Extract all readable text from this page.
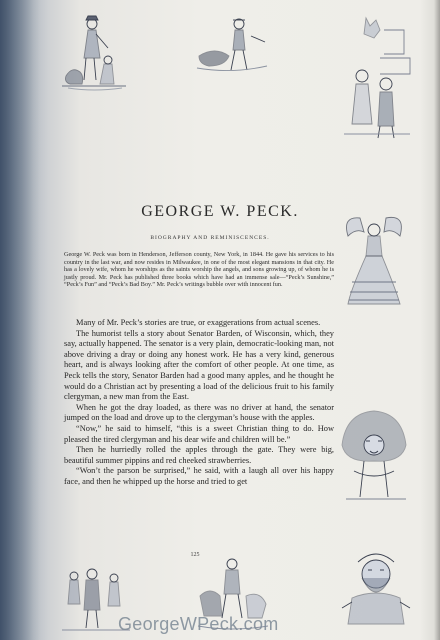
GEORGE W. PECK.
BIOGRAPHY AND REMINISCENCES.

George W. Peck was born in Henderson, Jefferson county, New York, in 1844. He gave his services to his country in the last war, and now resides in Milwaukee, in one of the most elegant mansions in that city. He has a lovely wife, whom he worships as the saints worship the angels, and sons growing up, of whom he is justly proud. Mr. Peck has published three books which have had an immense sale—“Peck’s Sunshine,” “Peck’s Fun” and “Peck’s Bad Boy.” Mr. Peck’s writings bubble over with innocent fun.

Many of Mr. Peck’s stories are true, or exaggerations from actual scenes.

The humorist tells a story about Senator Barden, of Wisconsin, which, they say, actually happened. The senator is a very plain, democratic-looking man, not above driving a dray or doing any honest work. He has a very kind, generous heart, and is always looking after the comfort of other people. At one time, as Peck tells the story, Senator Barden had a good many apples, and he thought he would do a Christian act by presenting a load of the delicious fruit to his family clergyman, a new man from the East.

When he got the dray loaded, as there was no driver at hand, the senator jumped on the load and drove up to the clergyman’s house with the apples.

“Now,” he said to himself, “this is a sweet Christian thing to do. How pleased the tired clergyman and his dear wife and children will be.”

Then he hurriedly rolled the apples through the gate. They were big, beautiful summer pippins and red cheeked strawberries.

“Won’t the parson be surprised,” he said, with a laugh all over his happy face, and then he whipped up the horse and tried to get

125
GeorgeWPeck.com
